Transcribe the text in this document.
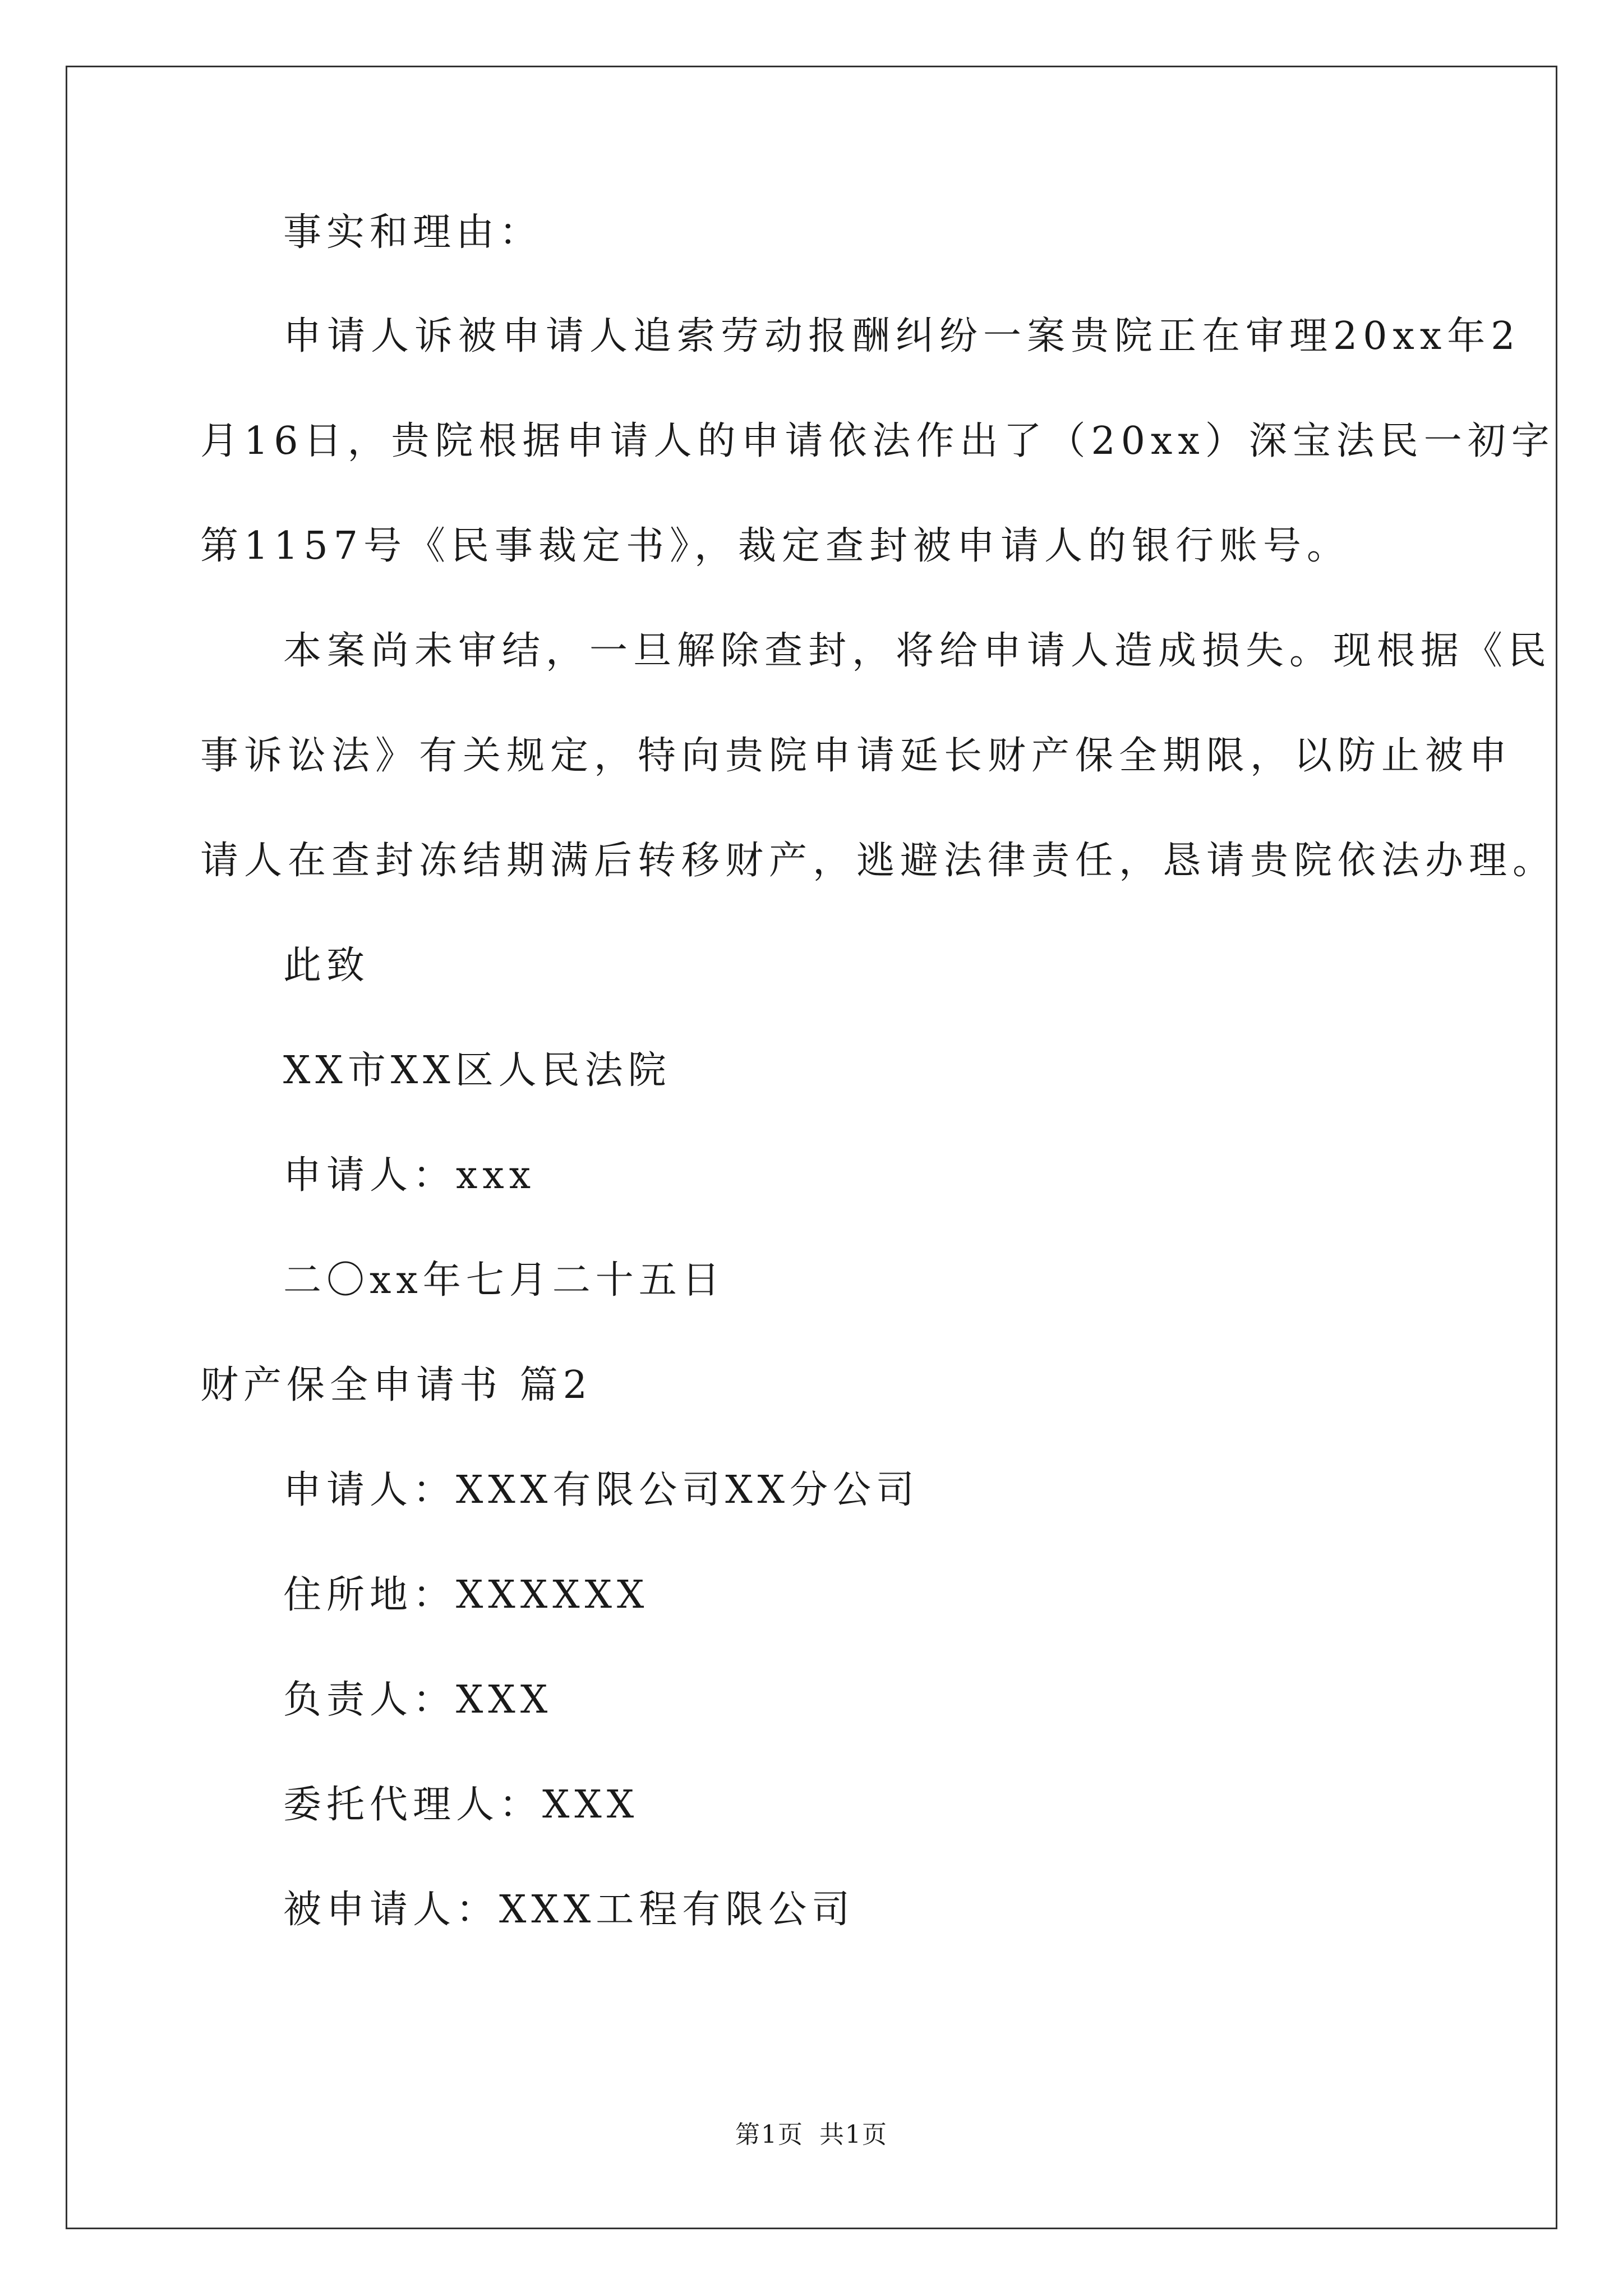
事实和理由：
申请人诉被申请人追索劳动报酬纠纷一案贵院正在审理20xx年2
月16日，贵院根据申请人的申请依法作出了（20xx）深宝法民一初字
第1157号《民事裁定书》，裁定查封被申请人的银行账号。
本案尚未审结，一旦解除查封，将给申请人造成损失。现根据《民
事诉讼法》有关规定，特向贵院申请延长财产保全期限，以防止被申
请人在查封冻结期满后转移财产，逃避法律责任，恳请贵院依法办理。
此致
XX市XX区人民法院
申请人：xxx
二〇xx年七月二十五日
财产保全申请书 篇2
申请人：XXX有限公司XX分公司
住所地：XXXXXX
负责人：XXX
委托代理人：XXX
被申请人：XXX工程有限公司
第1页 共1页
